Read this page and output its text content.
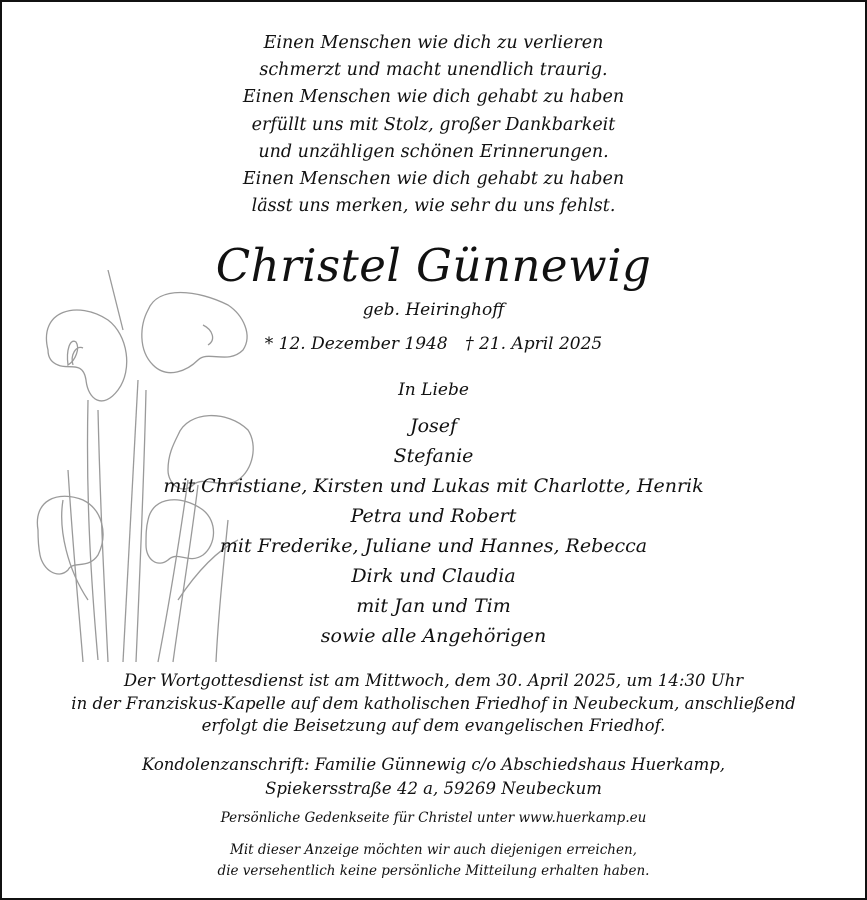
Einen Menschen wie dich zu verlieren
schmerzt und macht unendlich traurig.
Einen Menschen wie dich gehabt zu haben
erfüllt uns mit Stolz, großer Dankbarkeit
und unzähligen schönen Erinnerungen.
Einen Menschen wie dich gehabt zu haben
lässt uns merken, wie sehr du uns fehlst.
Christel Günnewig
geb. Heiringhoff
* 12. Dezember 1948 † 21. April 2025
In Liebe
Josef
Stefanie
mit Christiane, Kirsten und Lukas mit Charlotte, Henrik
Petra und Robert
mit Frederike, Juliane und Hannes, Rebecca
Dirk und Claudia
mit Jan und Tim
sowie alle Angehörigen
Der Wortgottesdienst ist am Mittwoch, dem 30. April 2025, um 14:30 Uhr
in der Franziskus-Kapelle auf dem katholischen Friedhof in Neubeckum, anschließend
erfolgt die Beisetzung auf dem evangelischen Friedhof.
Kondolenzanschrift: Familie Günnewig c/o Abschiedshaus Huerkamp,
Spiekersstraße 42 a, 59269 Neubeckum
Persönliche Gedenkseite für Christel unter www.huerkamp.eu
Mit dieser Anzeige möchten wir auch diejenigen erreichen,
die versehentlich keine persönliche Mitteilung erhalten haben.
